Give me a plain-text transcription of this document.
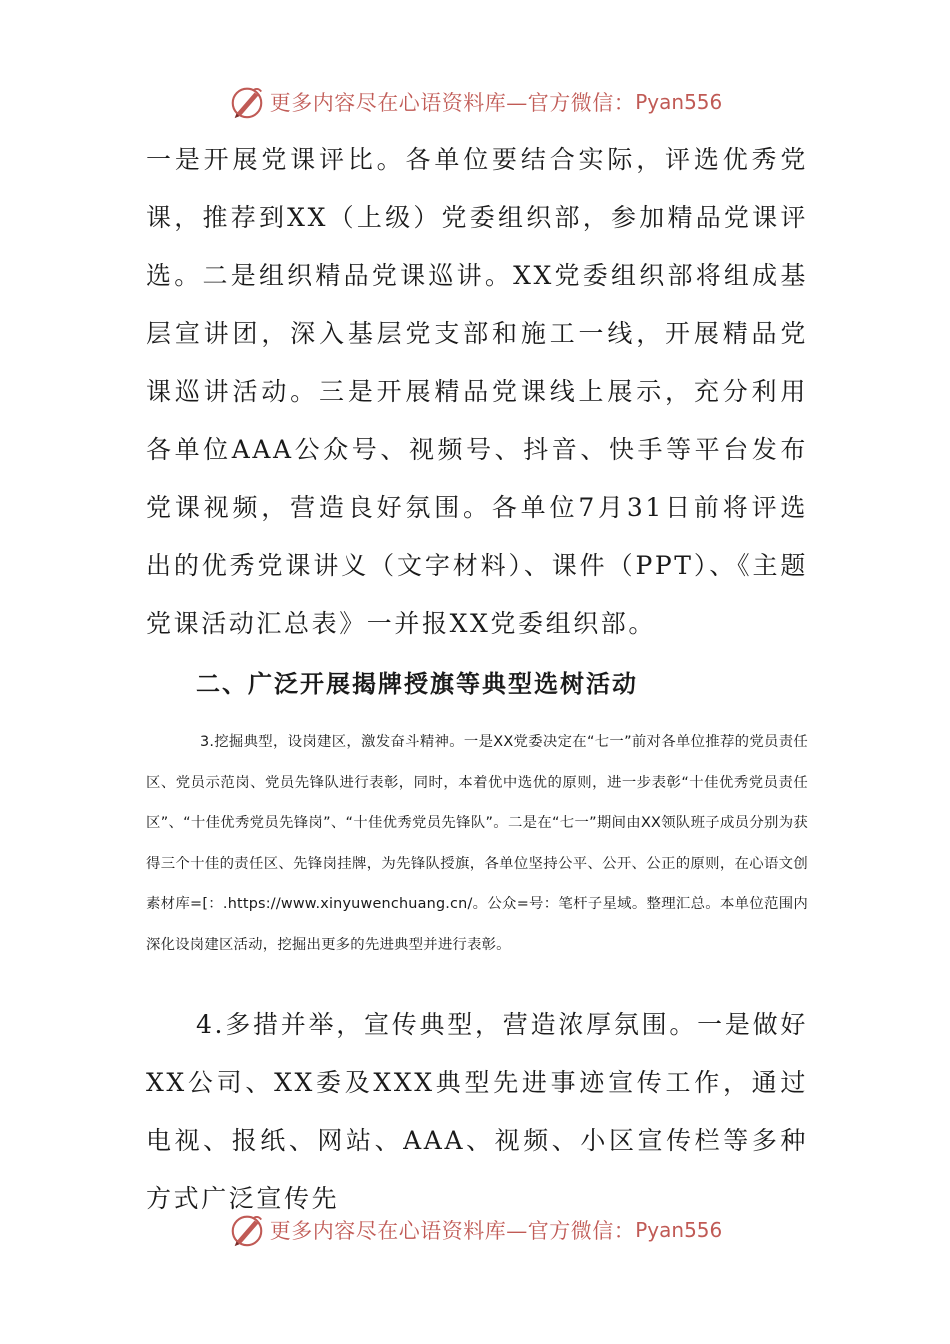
更多内容尽在心语资料库—官方微信： Pyan556

一是开展党课评比。各单位要结合实际，评选优秀党课，推荐到XX（上级）党委组织部，参加精品党课评选。二是组织精品党课巡讲。XX党委组织部将组成基层宣讲团，深入基层党支部和施工一线，开展精品党课巡讲活动。三是开展精品党课线上展示，充分利用各单位AAA公众号、视频号、抖音、快手等平台发布党课视频，营造良好氛围。各单位7月31日前将评选出的优秀党课讲义（文字材料）、课件（PPT）、《主题党课活动汇总表》一并报XX党委组织部。

二、广泛开展揭牌授旗等典型选树活动

3.挖掘典型，设岗建区，激发奋斗精神。一是XX党委决定在“七一”前对各单位推荐的党员责任区、党员示范岗、党员先锋队进行表彰，同时，本着优中选优的原则，进一步表彰“十佳优秀党员责任区”、“十佳优秀党员先锋岗”、“十佳优秀党员先锋队”。二是在“七一”期间由XX领队班子成员分别为获得三个十佳的责任区、先锋岗挂牌，为先锋队授旗，各单位坚持公平、公开、公正的原则，在心语文创素材库=[：.https://www.xinyuwenchuang.cn/。公众=号：笔杆子星域。整理汇总。本单位范围内深化设岗建区活动，挖掘出更多的先进典型并进行表彰。

4.多措并举，宣传典型，营造浓厚氛围。一是做好XX公司、XX委及XXX典型先进事迹宣传工作，通过电视、报纸、网站、AAA、视频、小区宣传栏等多种方式广泛宣传先

更多内容尽在心语资料库—官方微信： Pyan556
